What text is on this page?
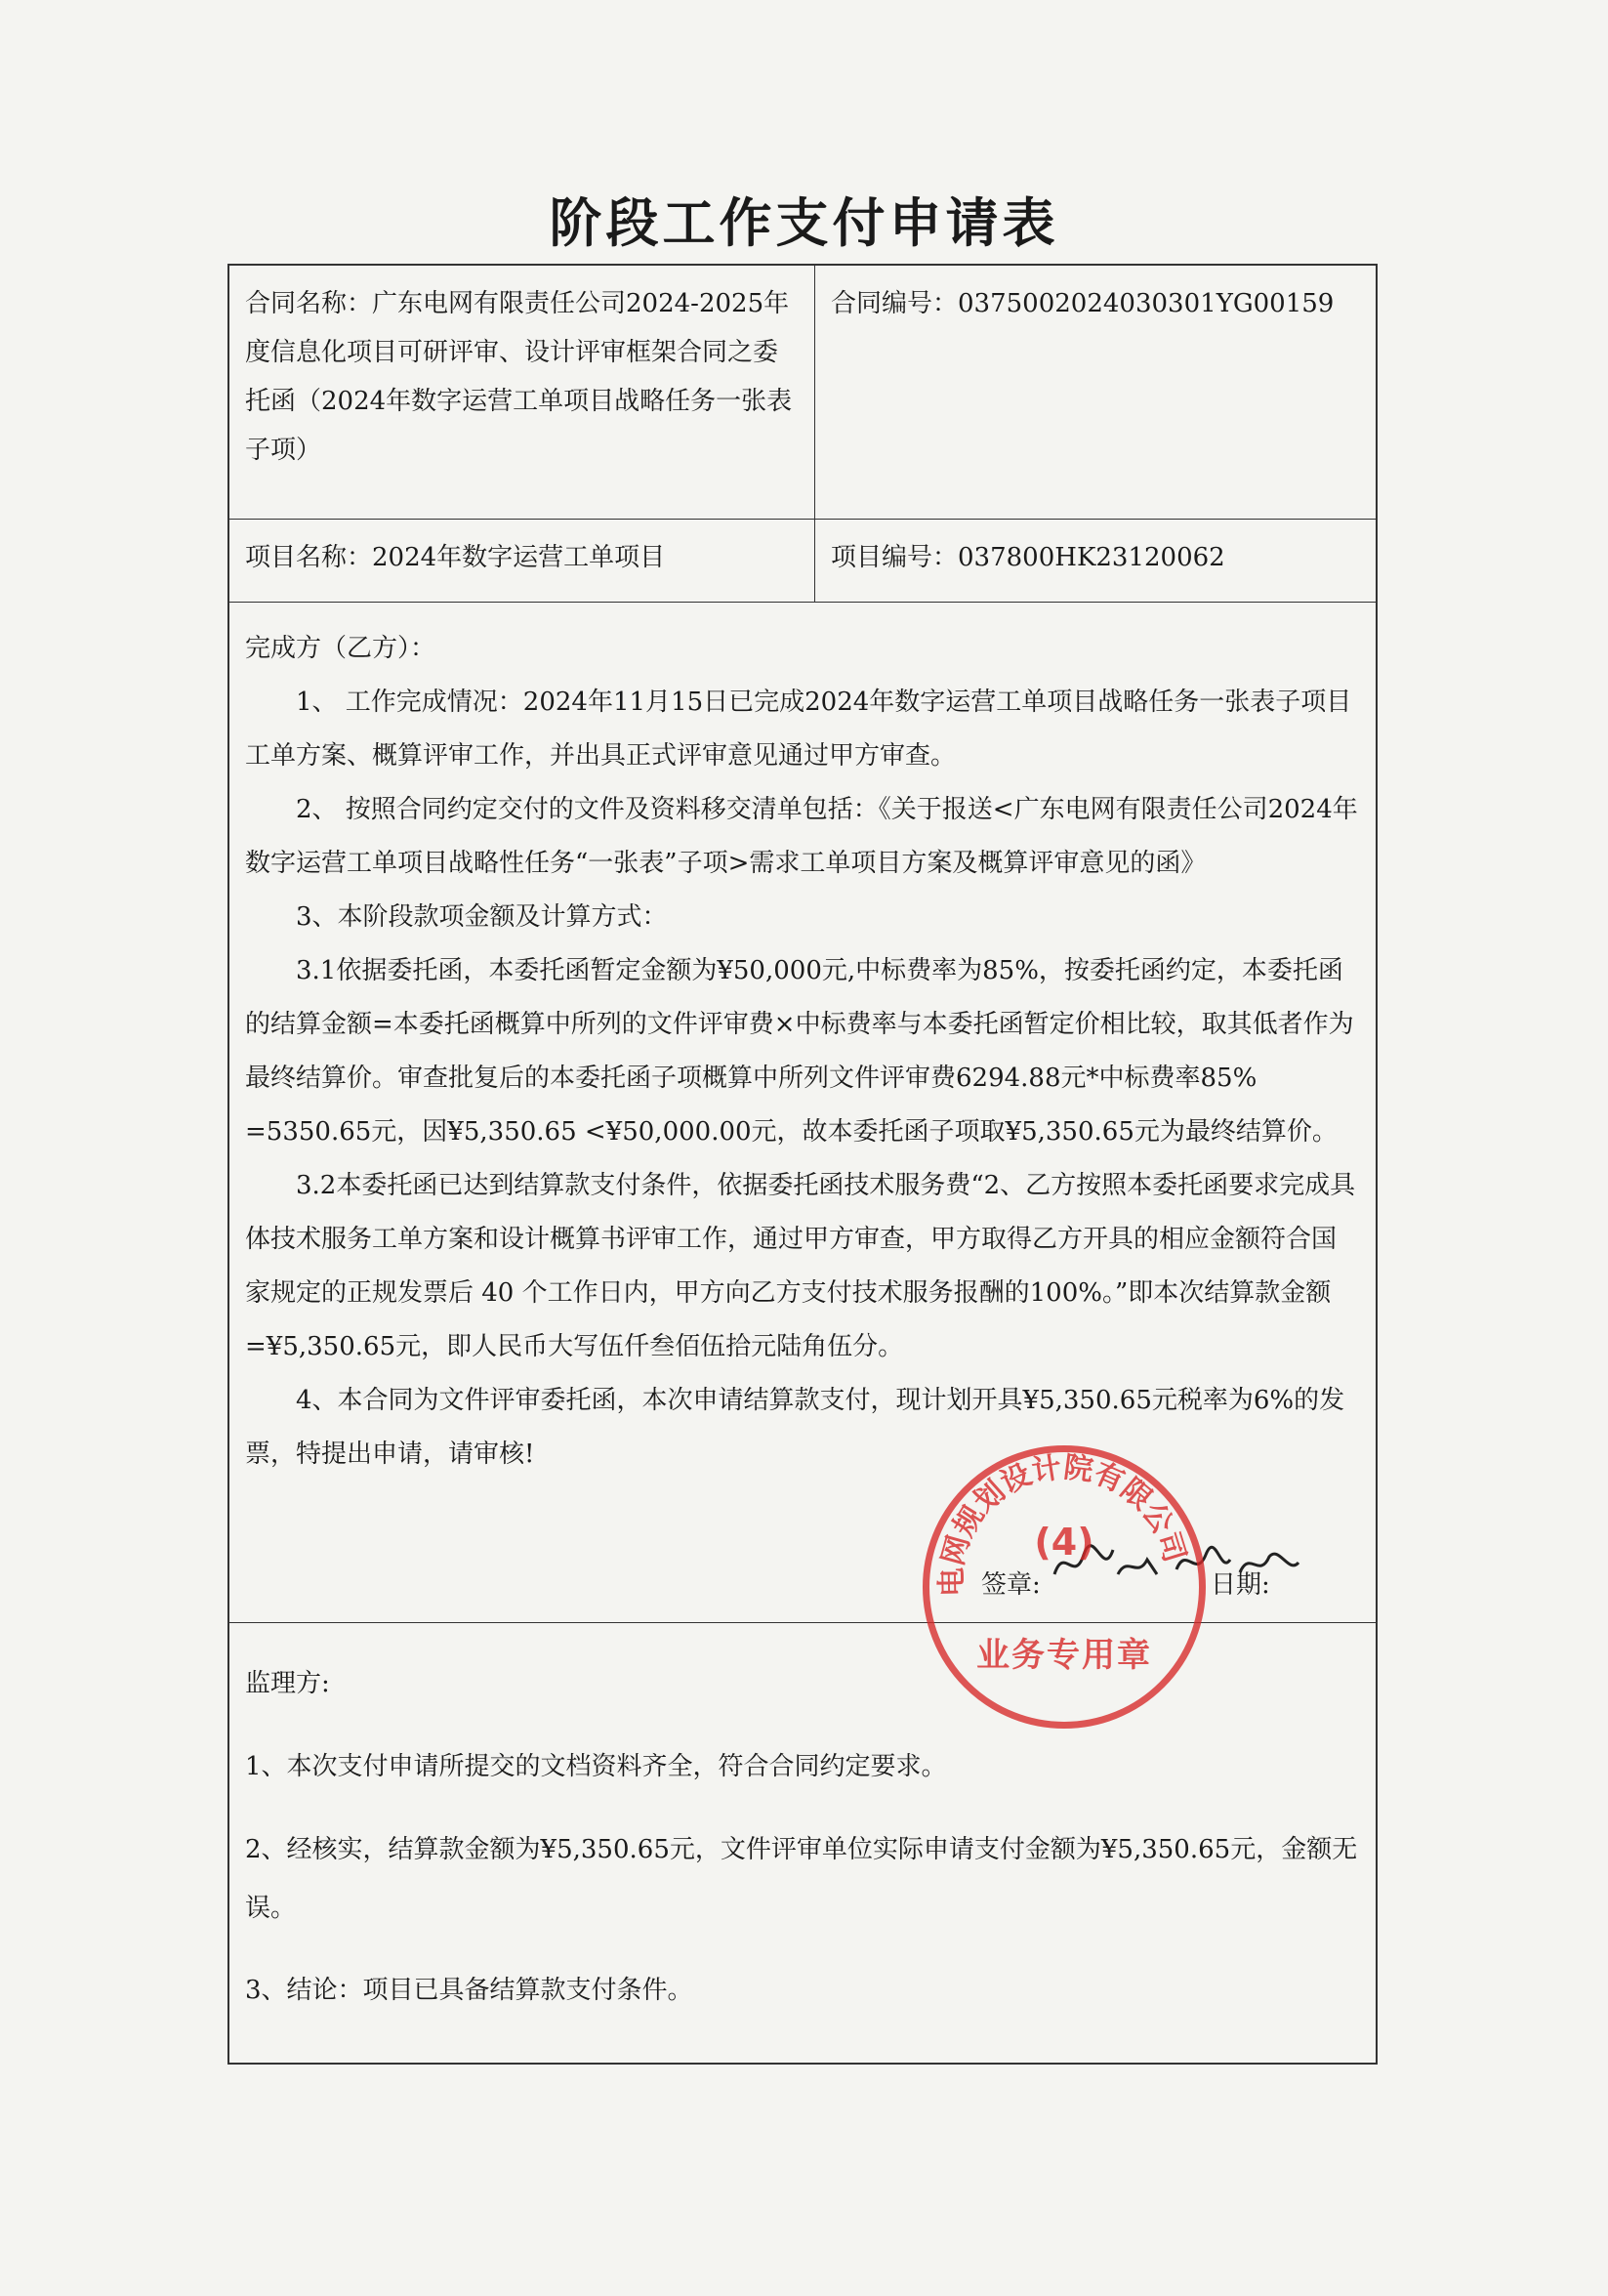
阶段工作支付申请表
合同名称：广东电网有限责任公司2024-2025年度信息化项目可研评审、设计评审框架合同之委托函（2024年数字运营工单项目战略任务一张表子项）
合同编号：0375002024030301YG00159
项目名称：2024年数字运营工单项目	项目编号：037800HK23120062

完成方（乙方）：

1、 工作完成情况：2024年11月15日已完成2024年数字运营工单项目战略任务一张表子项目工单方案、概算评审工作，并出具正式评审意见通过甲方审查。

2、 按照合同约定交付的文件及资料移交清单包括：《关于报送<广东电网有限责任公司2024年数字运营工单项目战略性任务“一张表”子项>需求工单项目方案及概算评审意见的函》

3、本阶段款项金额及计算方式：

3.1依据委托函，本委托函暂定金额为¥50,000元,中标费率为85%，按委托函约定，本委托函的结算金额=本委托函概算中所列的文件评审费×中标费率与本委托函暂定价相比较，取其低者作为最终结算价。审查批复后的本委托函子项概算中所列文件评审费6294.88元*中标费率85% =5350.65元，因¥5,350.65 <¥50,000.00元，故本委托函子项取¥5,350.65元为最终结算价。

3.2本委托函已达到结算款支付条件，依据委托函技术服务费“2、乙方按照本委托函要求完成具体技术服务工单方案和设计概算书评审工作，通过甲方审查，甲方取得乙方开具的相应金额符合国家规定的正规发票后 40 个工作日内，甲方向乙方支付技术服务报酬的100%。”即本次结算款金额 =¥5,350.65元，即人民币大写伍仟叁佰伍拾元陆角伍分。

4、本合同为文件评审委托函，本次申请结算款支付，现计划开具¥5,350.65元税率为6%的发票，特提出申请，请审核!

签章:	日期:

监理方:

1、本次支付申请所提交的文档资料齐全，符合合同约定要求。

2、经核实，结算款金额为¥5,350.65元，文件评审单位实际申请支付金额为¥5,350.65元，金额无误。

3、结论：项目已具备结算款支付条件。

电网规划设计院有限公司
(4)
业务专用章
